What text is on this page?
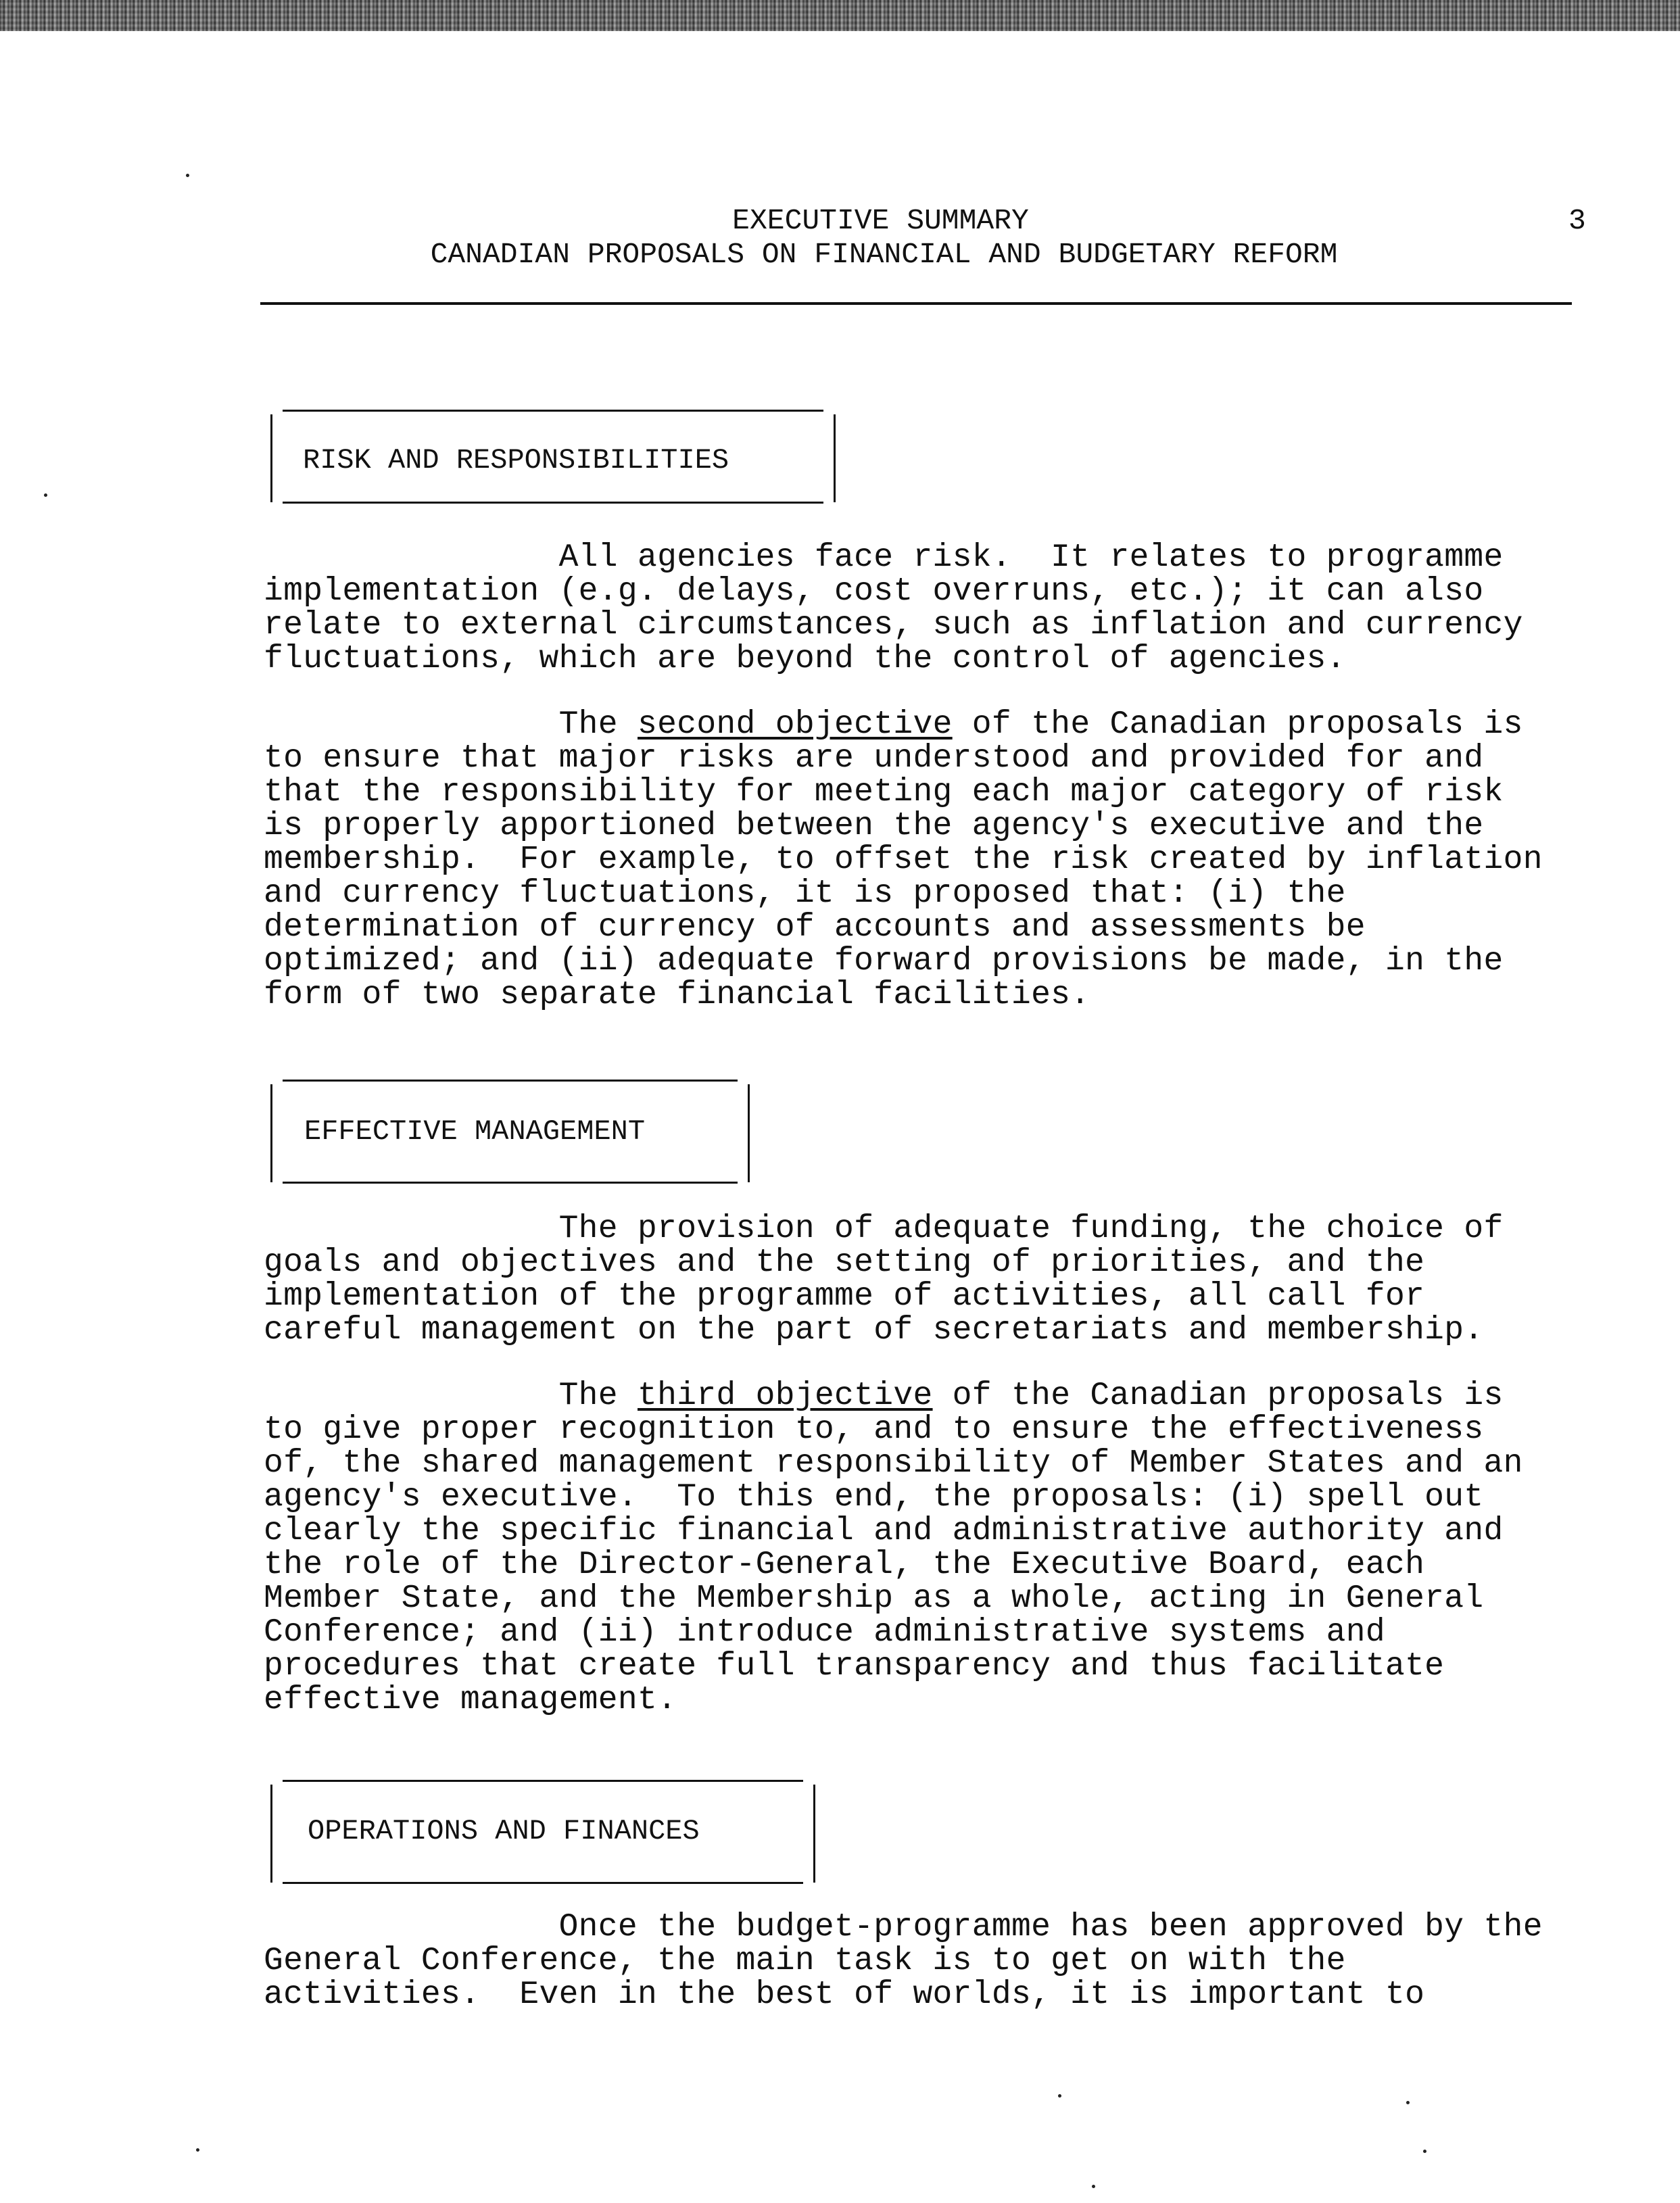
EXECUTIVE SUMMARY
CANADIAN PROPOSALS ON FINANCIAL AND BUDGETARY REFORM
3
RISK AND RESPONSIBILITIES
All agencies face risk.  It relates to programme
implementation (e.g. delays, cost overruns, etc.); it can also
relate to external circumstances, such as inflation and currency
fluctuations, which are beyond the control of agencies.
The second objective of the Canadian proposals is
to ensure that major risks are understood and provided for and
that the responsibility for meeting each major category of risk
is properly apportioned between the agency's executive and the
membership.  For example, to offset the risk created by inflation
and currency fluctuations, it is proposed that: (i) the
determination of currency of accounts and assessments be
optimized; and (ii) adequate forward provisions be made, in the
form of two separate financial facilities.
EFFECTIVE MANAGEMENT
The provision of adequate funding, the choice of
goals and objectives and the setting of priorities, and the
implementation of the programme of activities, all call for
careful management on the part of secretariats and membership.
The third objective of the Canadian proposals is
to give proper recognition to, and to ensure the effectiveness
of, the shared management responsibility of Member States and an
agency's executive.  To this end, the proposals: (i) spell out
clearly the specific financial and administrative authority and
the role of the Director-General, the Executive Board, each
Member State, and the Membership as a whole, acting in General
Conference; and (ii) introduce administrative systems and
procedures that create full transparency and thus facilitate
effective management.
OPERATIONS AND FINANCES
Once the budget-programme has been approved by the
General Conference, the main task is to get on with the
activities.  Even in the best of worlds, it is important to
